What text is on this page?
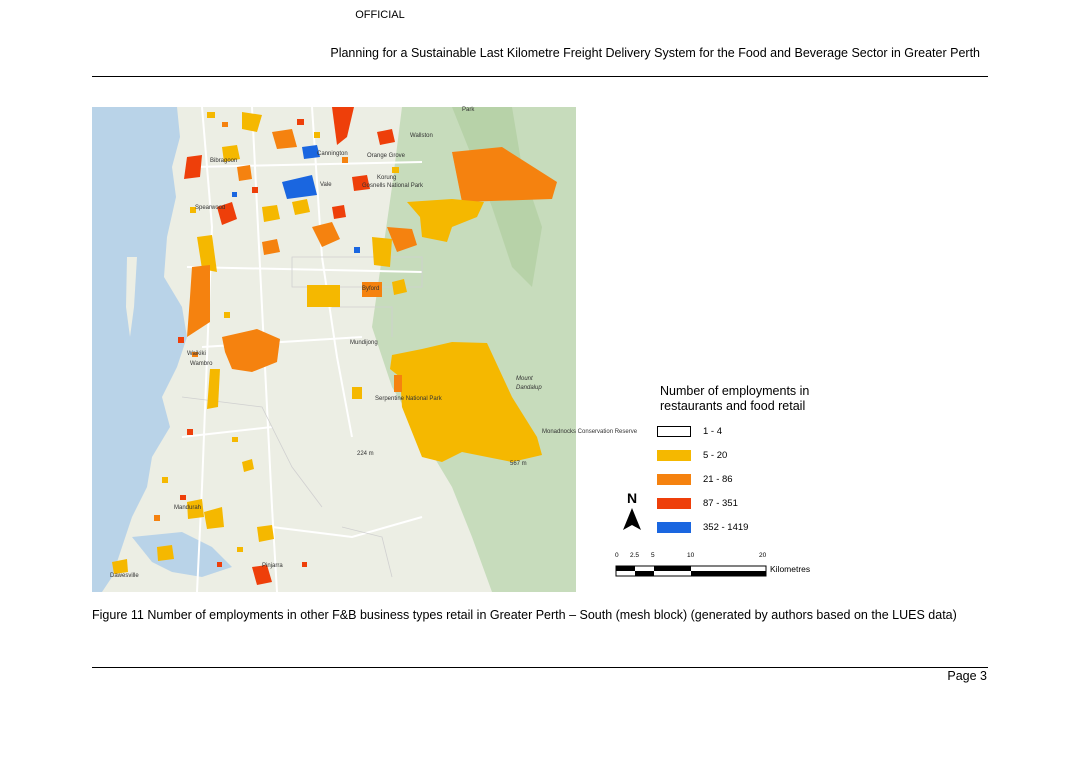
OFFICIAL
Planning for a Sustainable Last Kilometre Freight Delivery System for the Food and Beverage Sector in Greater Perth
Park
Wallston
Cannington	Orange Grove
Bibragoon
Korung
Gosnells National Park
Vale
Spearwood
Byford
Mundijong
Waikiki
Wambro
Mount
Dandalup
Serpentine National Park
224 m
567 m
Monadnocks Conservation Reserve
Mandurah
Pinjarra
Dawesville
Number of employments in restaurants and food retail
1 - 4
5 - 20
21 - 86
87 - 351
352 - 1419
N
0 2.5 5	10	20
Kilometres
Figure 11 Number of employments in other F&B business types retail in Greater Perth – South (mesh block) (generated by authors based on the LUES data)
Page 3
